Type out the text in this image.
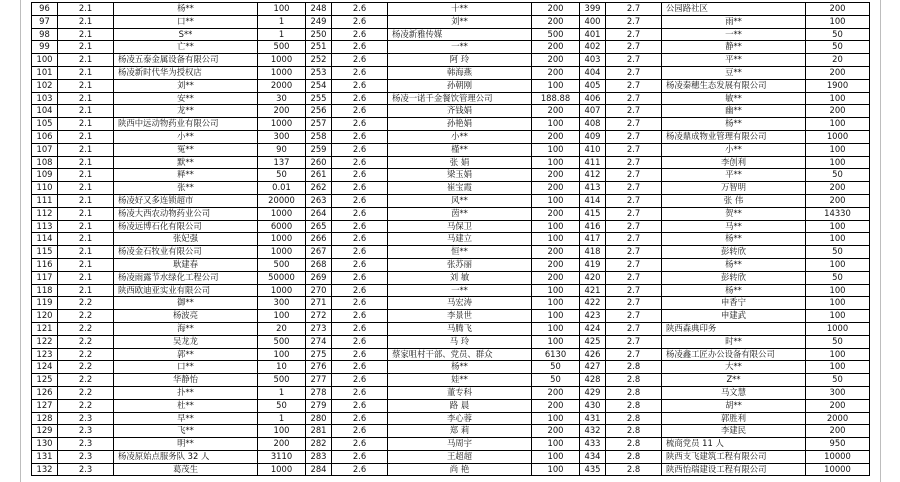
96	2.1	杨**	100	248	2.6	十**	200	399	2.7	公园路社区	200
97	2.1	口**	1	249	2.6	刘**	200	400	2.7	雨**	100
98	2.1	S**	1	250	2.6	杨凌新雅传媒	500	401	2.7	一**	50
99	2.1	亡**	500	251	2.6	一**	200	402	2.7	静**	50
100	2.1	杨凌五泰金属设备有限公司	1000	252	2.6	阿 玲	200	403	2.7	平**	20
101	2.1	杨凌新时代华为授权店	1000	253	2.6	韩海燕	200	404	2.7	豆**	200
102	2.1	刘**	2000	254	2.6	孙朝刚	100	405	2.7	杨凌秦穗生态发展有限公司	1900
103	2.1	安**	30	255	2.6	杨凌一诺千金餐饮管理公司	188.88	406	2.7	敏**	100
104	2.1	龙**	200	256	2.6	齐钱娟	200	407	2.7	幽**	200
105	2.1	陕西中远动物药业有限公司	1000	257	2.6	孙艳娟	100	408	2.7	杨**	100
106	2.1	小**	300	258	2.6	小**	200	409	2.7	杨凌鼎成物业管理有限公司	1000
107	2.1	冤**	90	259	2.6	槿**	100	410	2.7	小**	100
108	2.1	默**	137	260	2.6	张 娟	100	411	2.7	李创利	100
109	2.1	释**	50	261	2.6	梁玉娟	200	412	2.7	平**	50
110	2.1	张**	0.01	262	2.6	崔宝霞	200	413	2.7	万智明	200
111	2.1	杨凌好又多连锁超市	20000	263	2.6	风**	100	414	2.7	张 伟	200
112	2.1	杨凌大西农动物药业公司	1000	264	2.6	茵**	200	415	2.7	贺**	14330
113	2.1	杨凌远博石化有限公司	6000	265	2.6	马保卫	100	416	2.7	马**	100
114	2.1	张妃强	1000	266	2.6	马建立	100	417	2.7	杨**	100
115	2.1	杨凌金石牧业有限公司	1000	267	2.6	恒**	200	418	2.7	彭转欣	50
116	2.1	耿建春	500	268	2.6	张苏丽	200	419	2.7	杨**	100
117	2.1	杨凌雨露节水绿化工程公司	50000	269	2.6	刘 敏	200	420	2.7	彭转欣	50
118	2.1	陕西欧迪亚实业有限公司	1000	270	2.6	一**	100	421	2.7	杨**	100
119	2.2	御**	300	271	2.6	马宏涛	100	422	2.7	申香宁	100
120	2.2	杨波亮	100	272	2.6	李景世	100	423	2.7	申建武	100
121	2.2	海**	20	273	2.6	马腾飞	100	424	2.7	陕西森典印务	1000
122	2.2	吴龙龙	500	274	2.6	马 玲	100	425	2.7	时**	50
123	2.2	郭**	100	275	2.6	蔡家咀村干部、党员、群众	6130	426	2.7	杨凌鑫工匠办公设备有限公司	100
124	2.2	口**	10	276	2.6	杨**	50	427	2.8	大**	100
125	2.2	华静怡	500	277	2.6	娃**	50	428	2.8	Z**	50
126	2.2	扑**	1	278	2.6	董专科	200	429	2.8	马文慧	300
127	2.2	杜**	50	279	2.6	路 晨	200	430	2.8	胡**	200
128	2.3	早**	1	280	2.6	李心蓉	100	431	2.8	郭胜利	2000
129	2.3	飞**	100	281	2.6	郑 莉	200	432	2.8	李建民	200
130	2.3	明**	200	282	2.6	马周宇	100	433	2.8	梳商党员 11 人	950
131	2.3	杨凌原始点服务队 32 人	3110	283	2.6	王超超	100	434	2.8	陕西支飞建筑工程有限公司	10000
132	2.3	葛茂生	1000	284	2.6	尚 艳	100	435	2.8	陕西怡瑞建设工程有限公司	10000
